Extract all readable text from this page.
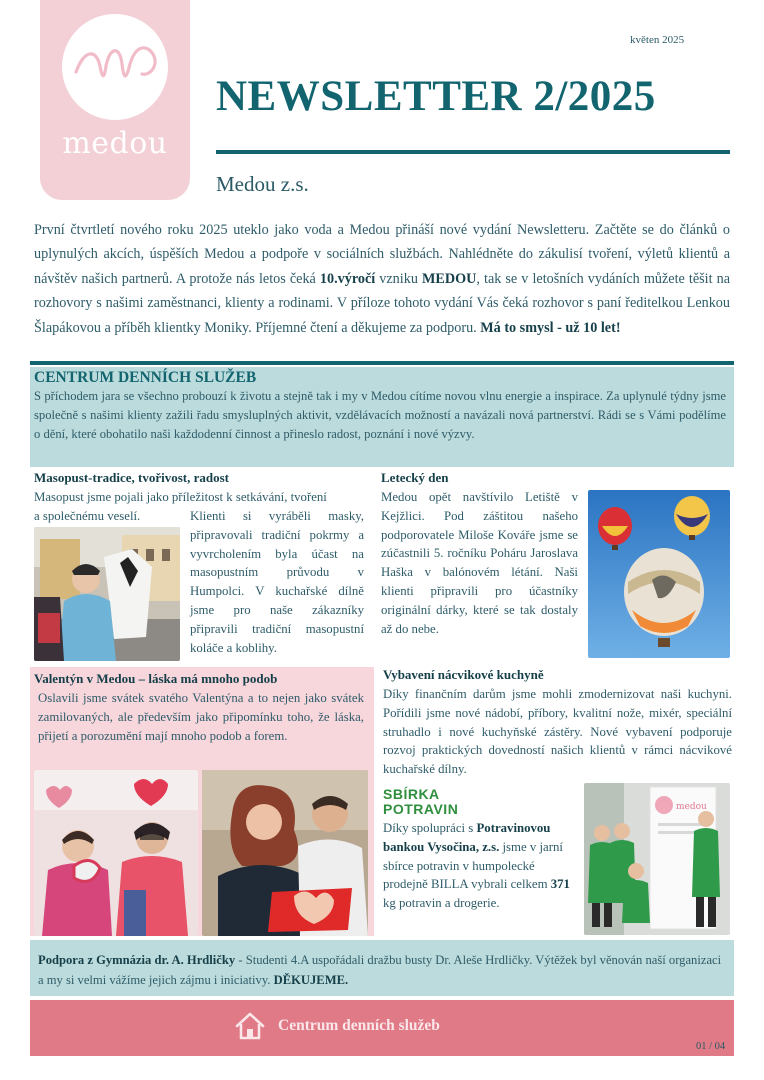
medou
květen 2025
NEWSLETTER 2/2025
Medou z.s.
První čtvrtletí nového roku 2025 uteklo jako voda a Medou přináší nové vydání Newsletteru. Začtěte se do článků o uplynulých akcích, úspěších Medou a podpoře v sociálních službách. Nahlédněte do zákulisí tvoření, výletů klientů a návštěv našich partnerů. A protože nás letos čeká 10.výročí vzniku MEDOU, tak se v letošních vydáních můžete těšit na rozhovory s našimi zaměstnanci, klienty a rodinami. V příloze tohoto vydání Vás čeká rozhovor s paní ředitelkou Lenkou Šlapákovou a příběh klientky Moniky. Příjemné čtení a děkujeme za podporu. Má to smysl - už 10 let!
CENTRUM DENNÍCH SLUŽEB
S příchodem jara se všechno probouzí k životu a stejně tak i my v Medou cítíme novou vlnu energie a inspirace. Za uplynulé týdny jsme společně s našimi klienty zažili řadu smysluplných aktivit, vzdělávacích možností a navázali nová partnerství. Rádi se s Vámi podělíme o dění, které obohatilo naši každodenní činnost a přineslo radost, poznání i nové výzvy.
Masopust-tradice, tvořivost, radost
Masopust jsme pojali jako příležitost k setkávání, tvoření
a společnému veselí.	Klienti si vyráběli masky, připravovali tradiční pokrmy a vyvrcholením byla účast na masopustním průvodu v Humpolci. V kuchařské dílně jsme pro naše zákazníky připravili tradiční masopustní koláče a koblihy.
Letecký den
Medou opět navštívilo Letiště v Kejžlici. Pod záštitou našeho podporovatele Miloše Kováře jsme se zúčastnili 5. ročníku Poháru Jaroslava Haška v balónovém létání. Naši klienti připravili pro účastníky originální dárky, které se tak dostaly až do nebe.
Valentýn v Medou – láska má mnoho podob
Oslavili jsme svátek svatého Valentýna a to nejen jako svátek zamilovaných, ale především jako připomínku toho, že láska, přijetí a porozumění mají mnoho podob a forem.
Vybavení nácvikové kuchyně
Díky finančním darům jsme mohli zmodernizovat naši kuchyni. Pořídili jsme nové nádobí, příbory, kvalitní nože, mixér, speciální struhadlo i nové kuchyňské zástěry. Nové vybavení podporuje rozvoj praktických dovedností našich klientů v rámci nácvikové kuchařské dílny.
SBÍRKA
POTRAVIN
Díky spolupráci s Potravinovou bankou Vysočina, z.s. jsme v jarní sbírce potravin v humpolecké prodejně BILLA vybrali celkem 371 kg potravin a drogerie.
medou
Podpora z Gymnázia dr. A. Hrdličky - Studenti 4.A uspořádali dražbu busty Dr. Aleše Hrdličky. Výtěžek byl věnován naší organizaci a my si velmi vážíme jejich zájmu i iniciativy. DĚKUJEME.
Centrum denních služeb
01 / 04
